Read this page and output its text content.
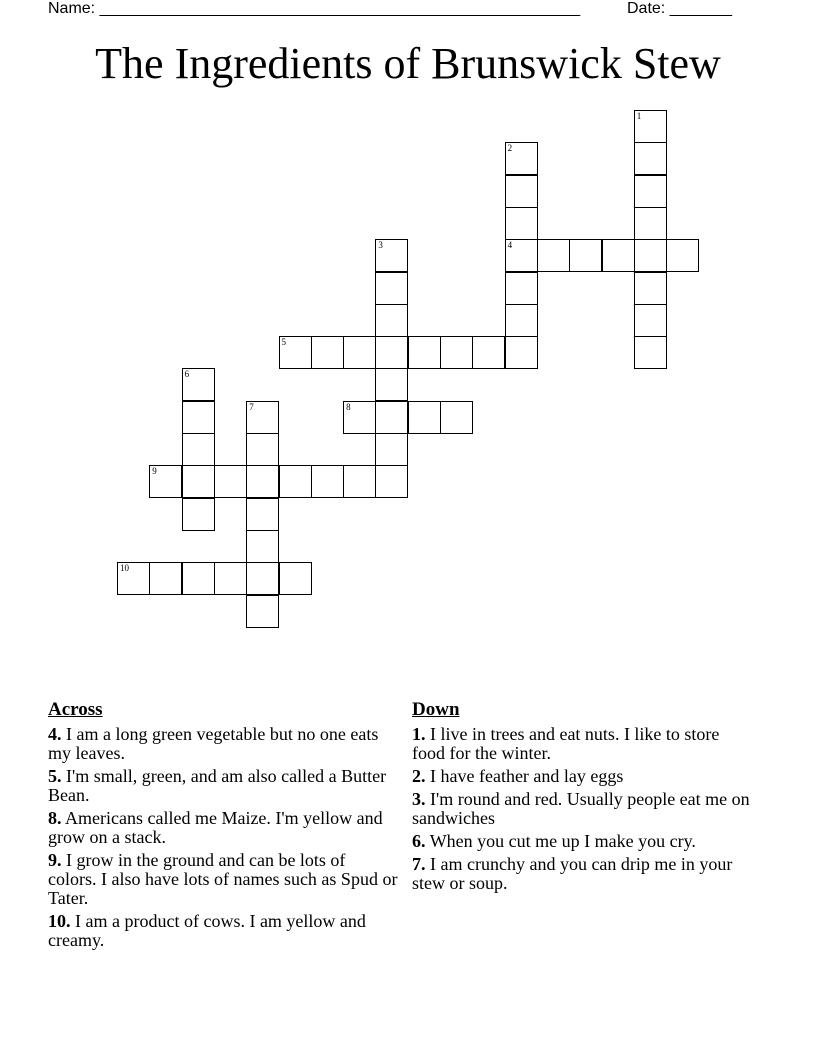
Name: ______________________________________________________	Date: _______
The Ingredients of Brunswick Stew
1
2
4
3
5
6
7	8
9
10
Across
4. I am a long green vegetable but no one eats my leaves.
5. I'm small, green, and am also called a Butter Bean.
8. Americans called me Maize. I'm yellow and grow on a stack.
9. I grow in the ground and can be lots of colors. I also have lots of names such as Spud or Tater.
10. I am a product of cows. I am yellow and creamy.
Down
1. I live in trees and eat nuts. I like to store food for the winter.
2. I have feather and lay eggs
3. I'm round and red. Usually people eat me on sandwiches
6. When you cut me up I make you cry.
7. I am crunchy and you can drip me in your stew or soup.
